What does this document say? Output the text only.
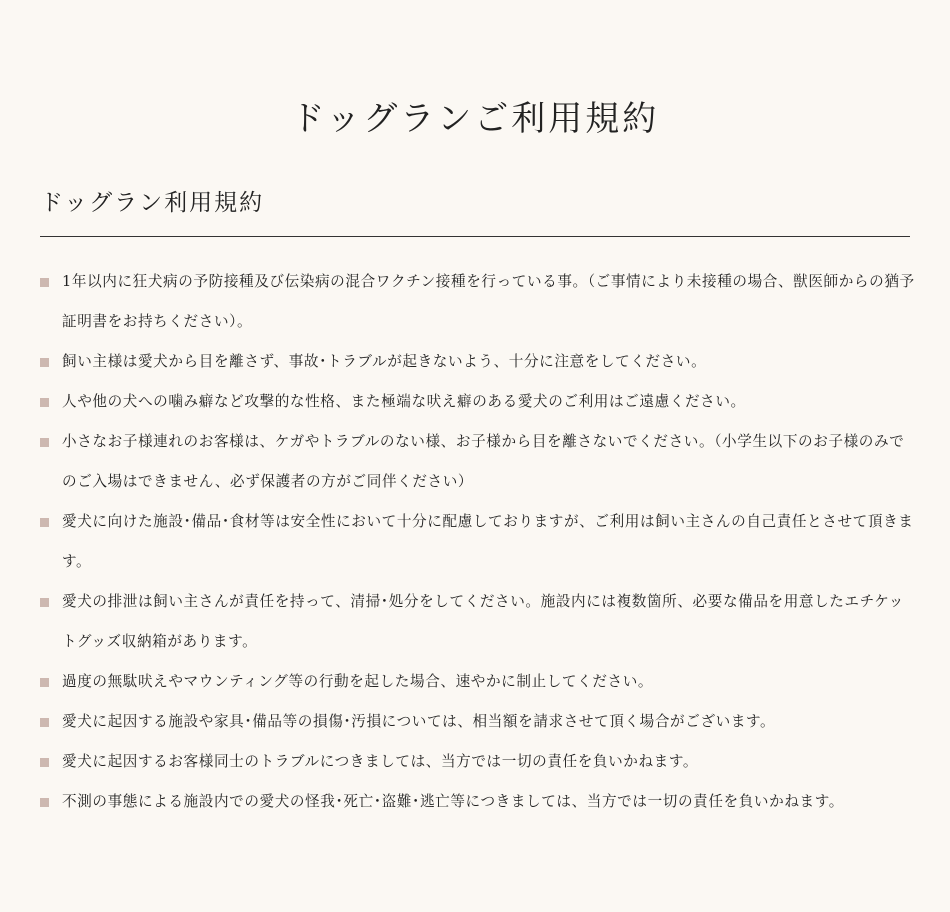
ドッグランご利用規約
ドッグラン利用規約
1年以内に狂犬病の予防接種及び伝染病の混合ワクチン接種を行っている事。（ご事情により未接種の場合、獣医師からの猶予証明書をお持ちください）。
飼い主様は愛犬から目を離さず、事故･トラブルが起きないよう、十分に注意をしてください。
人や他の犬への噛み癖など攻撃的な性格、また極端な吠え癖のある愛犬のご利用はご遠慮ください。
小さなお子様連れのお客様は、ケガやトラブルのない様、お子様から目を離さないでください。（小学生以下のお子様のみでのご入場はできません、必ず保護者の方がご同伴ください）
愛犬に向けた施設･備品･食材等は安全性において十分に配慮しておりますが、ご利用は飼い主さんの自己責任とさせて頂きます。
愛犬の排泄は飼い主さんが責任を持って、清掃･処分をしてください。施設内には複数箇所、必要な備品を用意したエチケットグッズ収納箱があります。
過度の無駄吠えやマウンティング等の行動を起した場合、速やかに制止してください。
愛犬に起因する施設や家具･備品等の損傷･汚損については、相当額を請求させて頂く場合がございます。
愛犬に起因するお客様同士のトラブルにつきましては、当方では一切の責任を負いかねます。
不測の事態による施設内での愛犬の怪我･死亡･盗難･逃亡等につきましては、当方では一切の責任を負いかねます。
